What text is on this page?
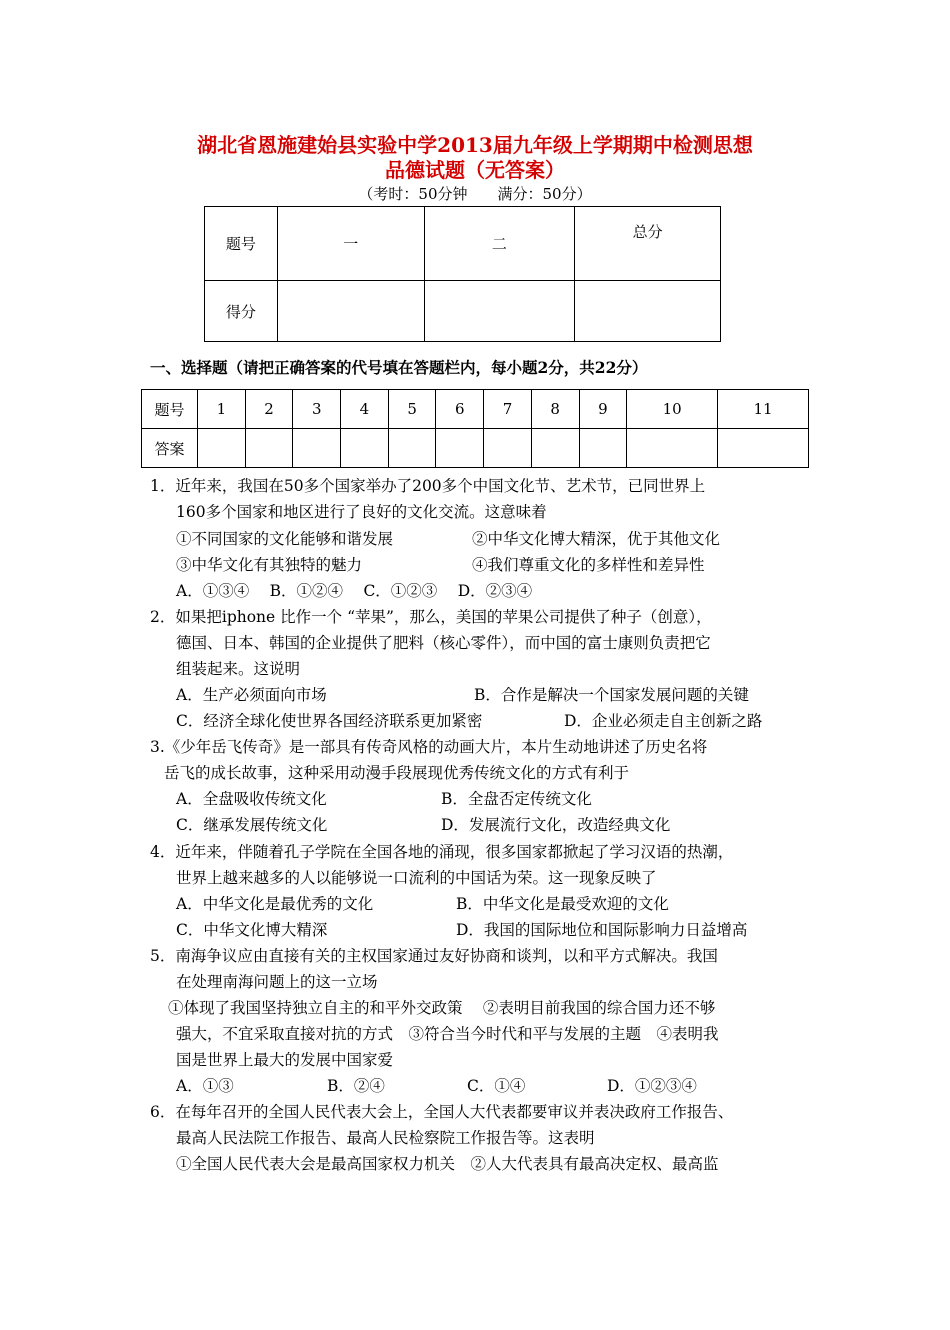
湖北省恩施建始县实验中学2013届九年级上学期期中检测思想
品德试题（无答案）
（考时：50分钟　　满分：50分）
题号	一	二	总分
得分			
一、选择题（请把正确答案的代号填在答题栏内，每小题2分，共22分）
题号	1	2	3	4	5	6	7	8	9	10	11
答案											
1．近年来，我国在50多个国家举办了200多个中国文化节、艺术节，已同世界上
160多个国家和地区进行了良好的文化交流。这意味着
①不同国家的文化能够和谐发展	②中华文化博大精深，优于其他文化
③中华文化有其独特的魅力	④我们尊重文化的多样性和差异性
A．①③④　 B．①②④　 C．①②③　 D．②③④
2．如果把iphone 比作一个 “苹果”，那么，美国的苹果公司提供了种子（创意），
德国、日本、韩国的企业提供了肥料（核心零件），而中国的富士康则负责把它
组装起来。这说明
A．生产必须面向市场	B．合作是解决一个国家发展问题的关键
C．经济全球化使世界各国经济联系更加紧密	D．企业必须走自主创新之路
3.《少年岳飞传奇》是一部具有传奇风格的动画大片，本片生动地讲述了历史名将
岳飞的成长故事，这种采用动漫手段展现优秀传统文化的方式有利于
A．全盘吸收传统文化	B．全盘否定传统文化
C．继承发展传统文化	D．发展流行文化，改造经典文化
4．近年来，伴随着孔子学院在全国各地的涌现，很多国家都掀起了学习汉语的热潮，
世界上越来越多的人以能够说一口流利的中国话为荣。这一现象反映了
A．中华文化是最优秀的文化	B．中华文化是最受欢迎的文化
C．中华文化博大精深	D．我国的国际地位和国际影响力日益增高
5．南海争议应由直接有关的主权国家通过友好协商和谈判，以和平方式解决。我国
在处理南海问题上的这一立场
①体现了我国坚持独立自主的和平外交政策　 ②表明目前我国的综合国力还不够
强大，不宜采取直接对抗的方式　③符合当今时代和平与发展的主题　④表明我
国是世界上最大的发展中国家爱
A．①③	B．②④	C．①④	D．①②③④
6．在每年召开的全国人民代表大会上，全国人大代表都要审议并表决政府工作报告、
最高人民法院工作报告、最高人民检察院工作报告等。这表明
①全国人民代表大会是最高国家权力机关　②人大代表具有最高决定权、最高监
